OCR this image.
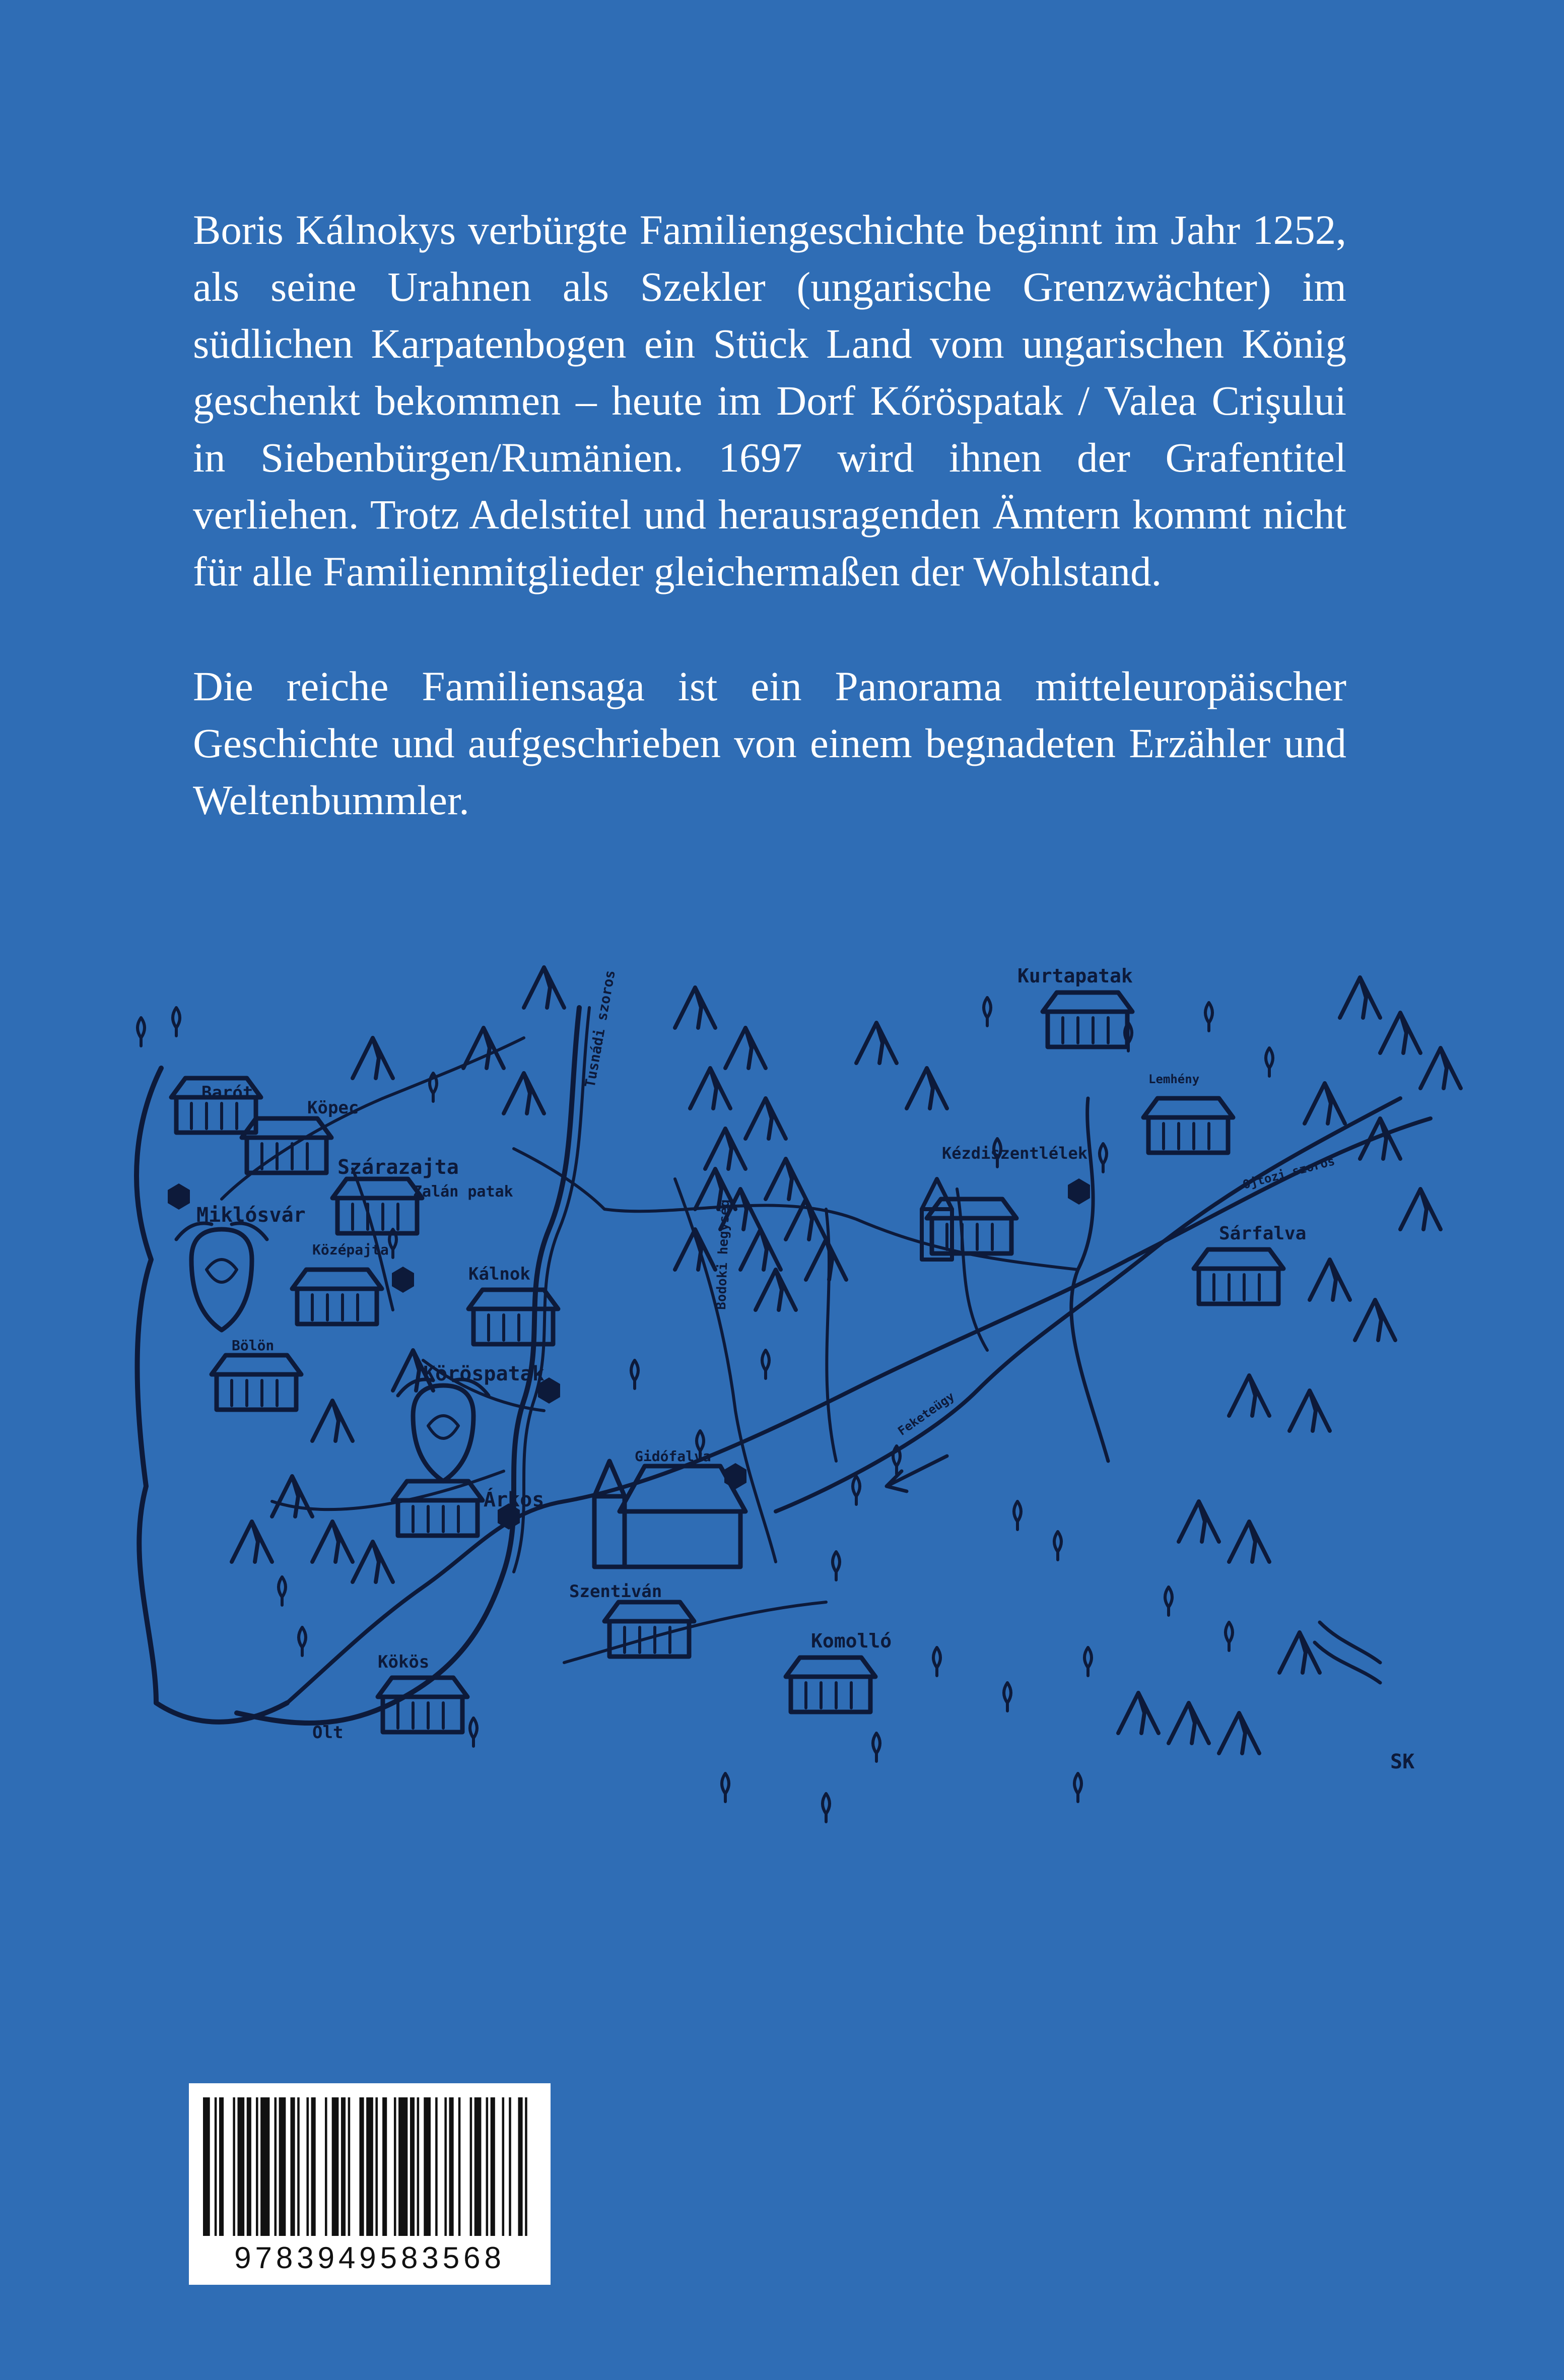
Boris Kálnokys verbürgte Familiengeschichte beginnt im Jahr 1252, als seine Urahnen als Szekler (ungarische Grenzwächter) im südlichen Karpatenbogen ein Stück Land vom ungarischen König geschenkt bekommen – heute im Dorf Kőröspatak / Valea Crişului in Siebenbürgen/Rumänien. 1697 wird ihnen der Grafentitel verliehen. Trotz Adelstitel und herausragenden Ämtern kommt nicht für alle Familienmitglieder gleichermaßen der Wohlstand.

Die reiche Familiensaga ist ein Panorama mitteleuropäischer Geschichte und aufgeschrieben von einem begnadeten Erzähler und Weltenbummler.

Barót
Köpec
Szárazajta
Zalán patak
Miklósvár
Középajta
Kálnok
Bölön
Köröspatak
Árkos
Gidófalva
Szentiván
Kökös
Komolló
Olt
Kurtapatak
Lemhény
Kézdiszentlélek
Sárfalva
Feketeügy
Tusnádi szoros
Bodoki hegység
Ojtozi szoros
SK
9783949583568
